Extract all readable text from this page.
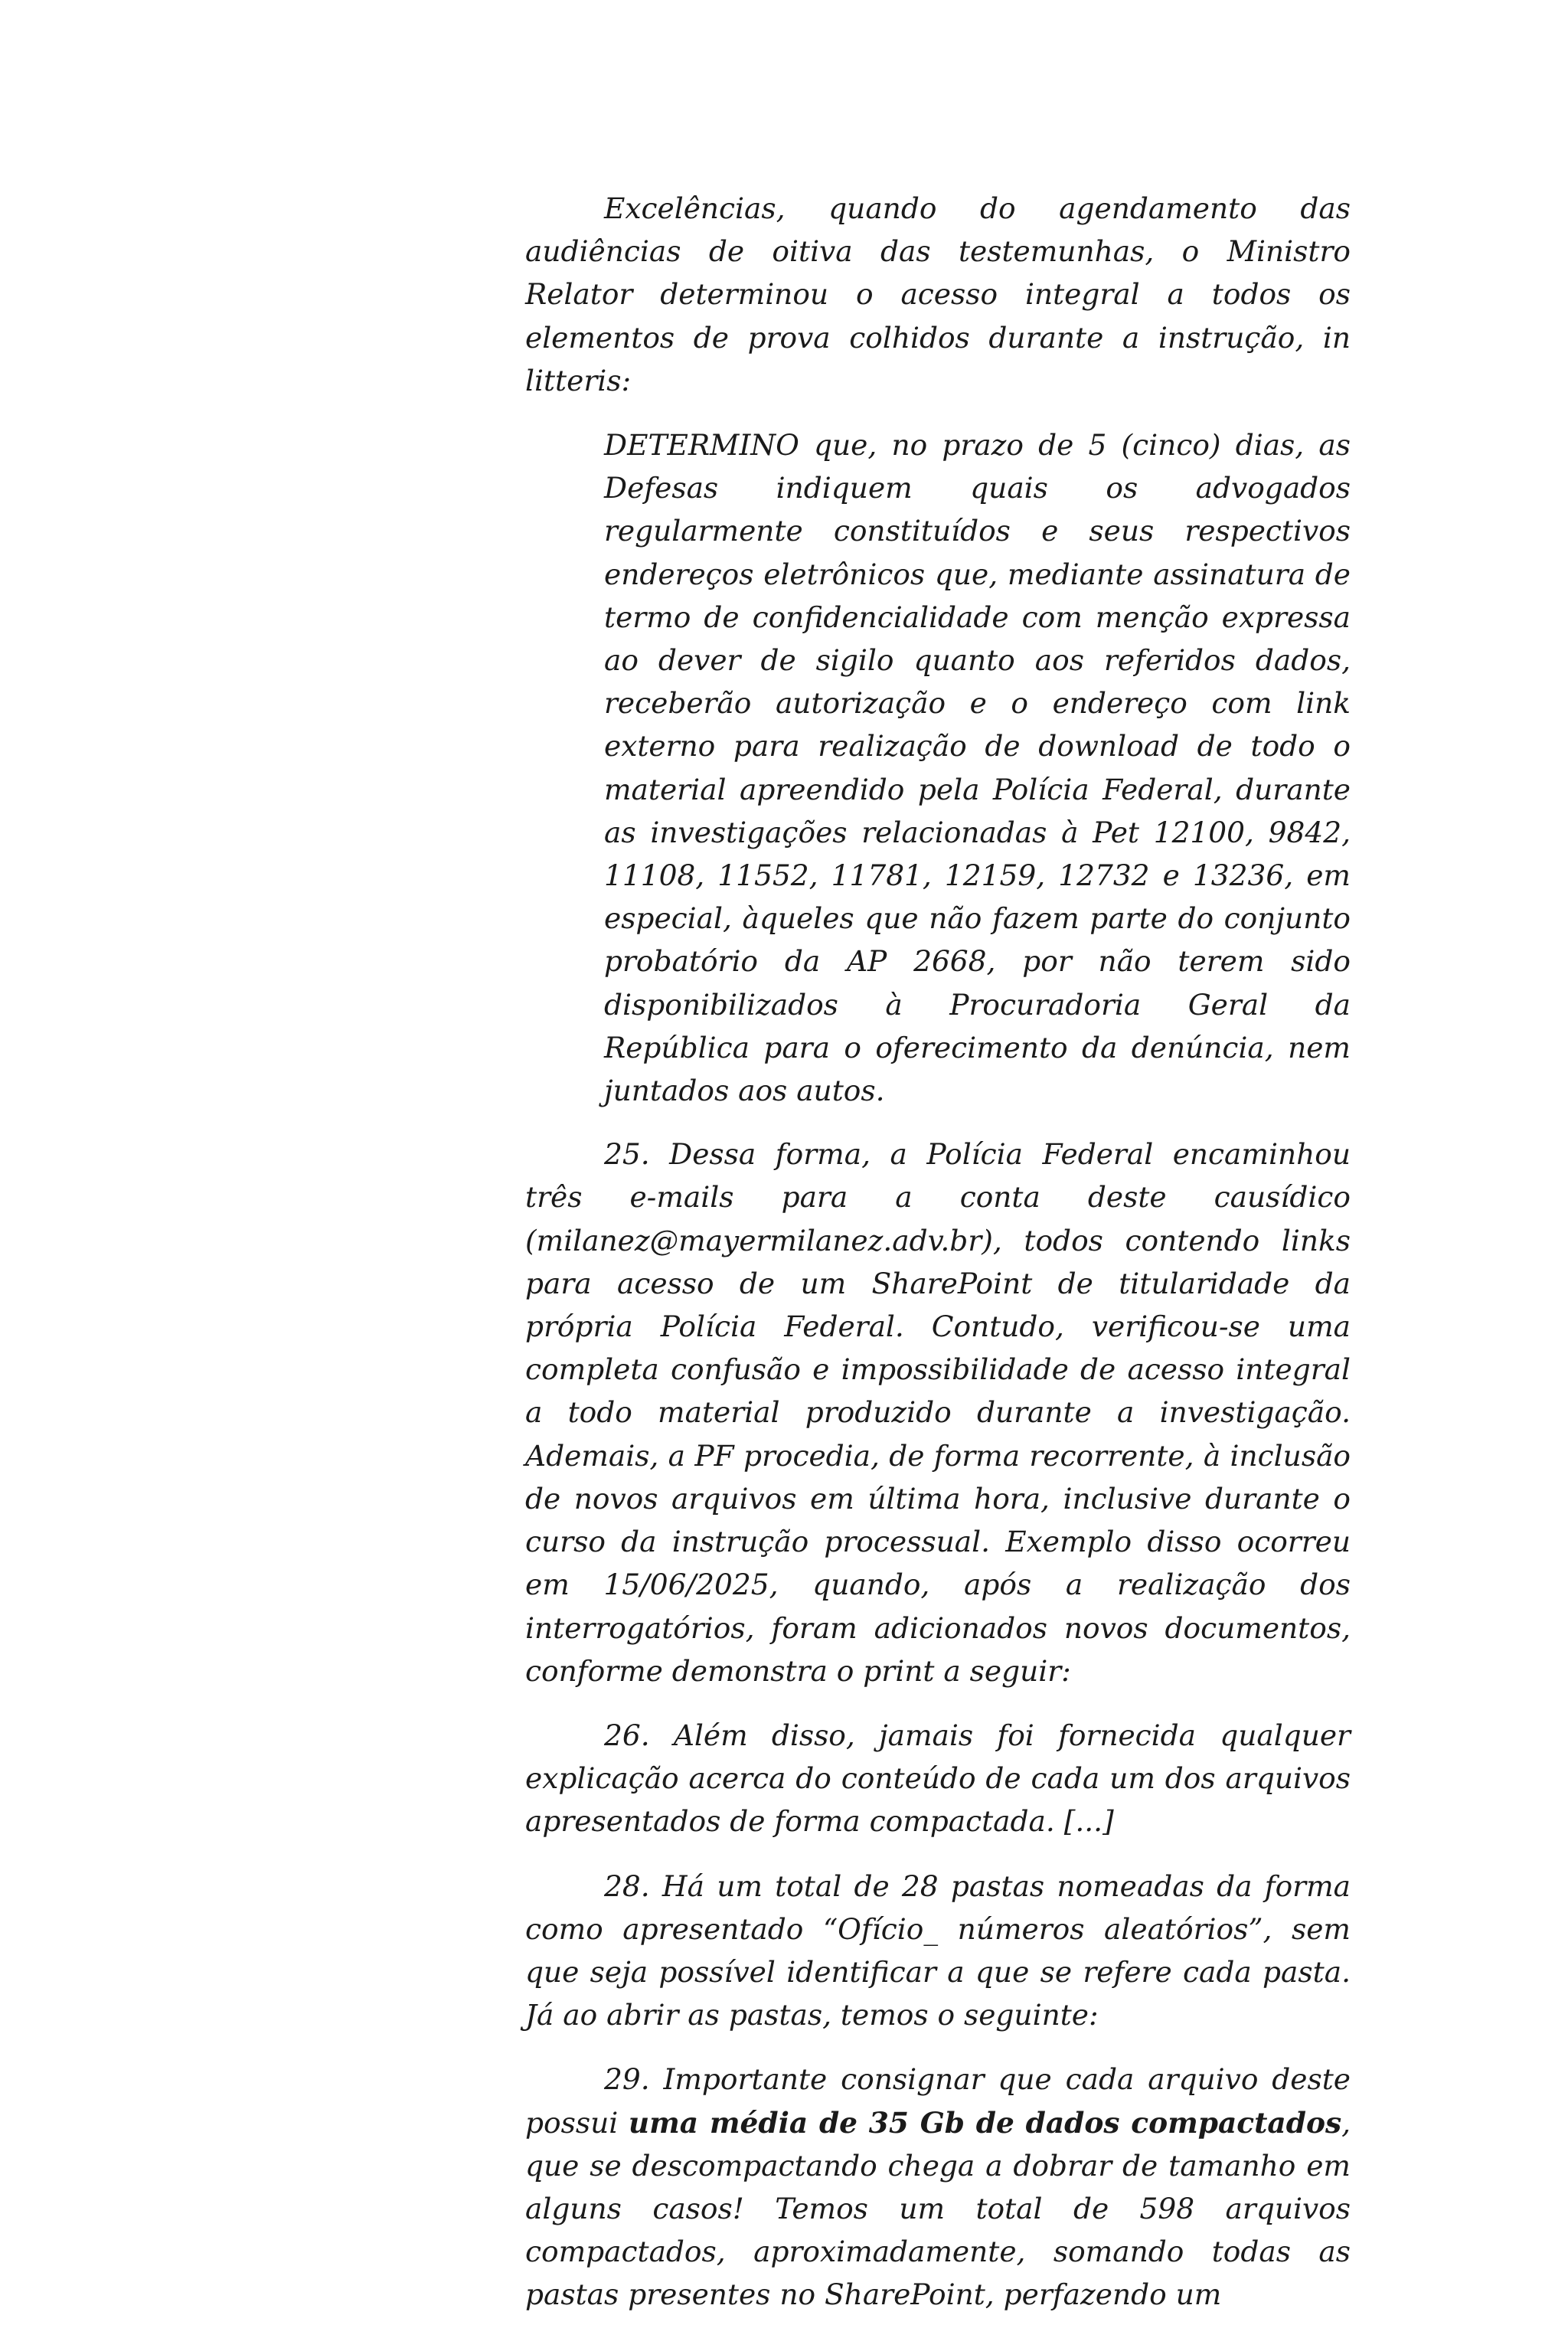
Excelências, quando do agendamento das audiências de oitiva das testemunhas, o Ministro Relator determinou o acesso integral a todos os elementos de prova colhidos durante a instrução, in litteris:

DETERMINO que, no prazo de 5 (cinco) dias, as Defesas indiquem quais os advogados regularmente constituídos e seus respectivos endereços eletrônicos que, mediante assinatura de termo de confidencialidade com menção expressa ao dever de sigilo quanto aos referidos dados, receberão autorização e o endereço com link externo para realização de download de todo o material apreendido pela Polícia Federal, durante as investigações relacionadas à Pet 12100, 9842, 11108, 11552, 11781, 12159, 12732 e 13236, em especial, àqueles que não fazem parte do conjunto probatório da AP 2668, por não terem sido disponibilizados à Procuradoria Geral da República para o oferecimento da denúncia, nem juntados aos autos.

25. Dessa forma, a Polícia Federal encaminhou três e-mails para a conta deste causídico (milanez@mayermilanez.adv.br), todos contendo links para acesso de um SharePoint de titularidade da própria Polícia Federal. Contudo, verificou-se uma completa confusão e impossibilidade de acesso integral a todo material produzido durante a investigação. Ademais, a PF procedia, de forma recorrente, à inclusão de novos arquivos em última hora, inclusive durante o curso da instrução processual. Exemplo disso ocorreu em 15/06/2025, quando, após a realização dos interrogatórios, foram adicionados novos documentos, conforme demonstra o print a seguir:

26. Além disso, jamais foi fornecida qualquer explicação acerca do conteúdo de cada um dos arquivos apresentados de forma compactada. [...]

28. Há um total de 28 pastas nomeadas da forma como apresentado “Ofício_ números aleatórios”, sem que seja possível identificar a que se refere cada pasta. Já ao abrir as pastas, temos o seguinte:

29. Importante consignar que cada arquivo deste possui uma média de 35 Gb de dados compactados, que se descompactando chega a dobrar de tamanho em alguns casos! Temos um total de 598 arquivos compactados, aproximadamente, somando todas as pastas presentes no SharePoint, perfazendo um
